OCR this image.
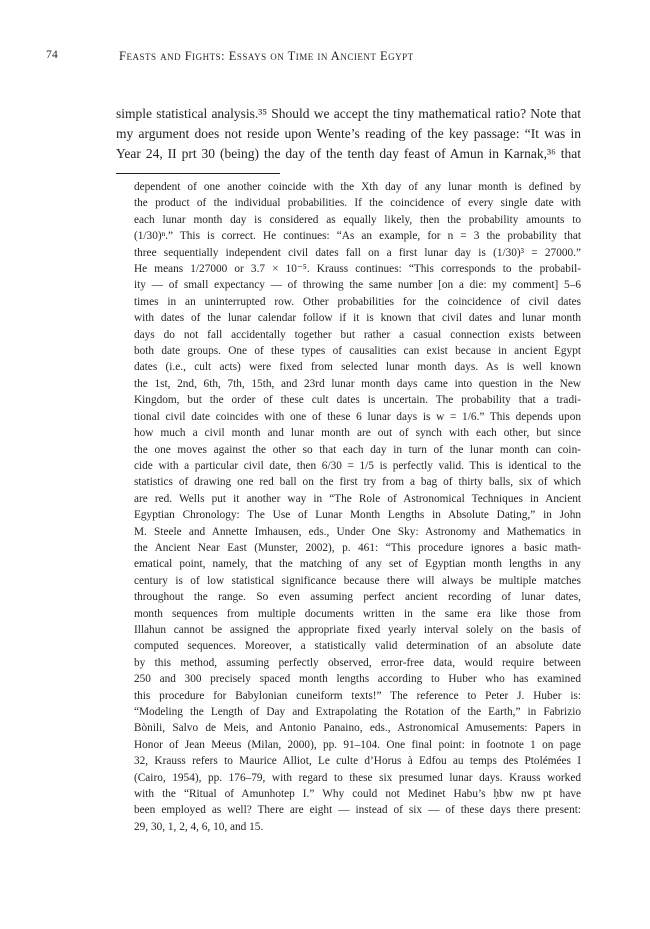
74	Feasts and Fights: Essays on Time in Ancient Egypt
simple statistical analysis.³⁵ Should we accept the tiny mathematical ratio? Note that
my argument does not reside upon Wente’s reading of the key passage: “It was in
Year 24, II prt 30 (being) the day of the tenth day feast of Amun in Karnak,³⁶ that
dependent of one another coincide with the Xth day of any lunar month is defined by
the product of the individual probabilities. If the coincidence of every single date with
each lunar month day is considered as equally likely, then the probability amounts to
(1/30)ⁿ.” This is correct. He continues: “As an example, for n = 3 the probability that
three sequentially independent civil dates fall on a first lunar day is (1/30)³ = 27000.”
He means 1/27000 or 3.7 × 10⁻⁵. Krauss continues: “This corresponds to the probabil-
ity — of small expectancy — of throwing the same number [on a die: my comment] 5–6
times in an uninterrupted row. Other probabilities for the coincidence of civil dates
with dates of the lunar calendar follow if it is known that civil dates and lunar month
days do not fall accidentally together but rather a casual connection exists between
both date groups. One of these types of causalities can exist because in ancient Egypt
dates (i.e., cult acts) were fixed from selected lunar month days. As is well known
the 1st, 2nd, 6th, 7th, 15th, and 23rd lunar month days came into question in the New
Kingdom, but the order of these cult dates is uncertain. The probability that a tradi-
tional civil date coincides with one of these 6 lunar days is w = 1/6.” This depends upon
how much a civil month and lunar month are out of synch with each other, but since
the one moves against the other so that each day in turn of the lunar month can coin-
cide with a particular civil date, then 6/30 = 1/5 is perfectly valid. This is identical to the
statistics of drawing one red ball on the first try from a bag of thirty balls, six of which
are red. Wells put it another way in “The Role of Astronomical Techniques in Ancient
Egyptian Chronology: The Use of Lunar Month Lengths in Absolute Dating,” in John
M. Steele and Annette Imhausen, eds., Under One Sky: Astronomy and Mathematics in
the Ancient Near East (Munster, 2002), p. 461: “This procedure ignores a basic math-
ematical point, namely, that the matching of any set of Egyptian month lengths in any
century is of low statistical significance because there will always be multiple matches
throughout the range. So even assuming perfect ancient recording of lunar dates,
month sequences from multiple documents written in the same era like those from
Illahun cannot be assigned the appropriate fixed yearly interval solely on the basis of
computed sequences. Moreover, a statistically valid determination of an absolute date
by this method, assuming perfectly observed, error-free data, would require between
250 and 300 precisely spaced month lengths according to Huber who has examined
this procedure for Babylonian cuneiform texts!” The reference to Peter J. Huber is:
“Modeling the Length of Day and Extrapolating the Rotation of the Earth,” in Fabrizio
Bònili, Salvo de Meis, and Antonio Panaino, eds., Astronomical Amusements: Papers in
Honor of Jean Meeus (Milan, 2000), pp. 91–104. One final point: in footnote 1 on page
32, Krauss refers to Maurice Alliot, Le culte d’Horus à Edfou au temps des Ptolémées I
(Cairo, 1954), pp. 176–79, with regard to these six presumed lunar days. Krauss worked
with the “Ritual of Amunhotep I.” Why could not Medinet Habu’s ḥbw nw pt have
been employed as well? There are eight — instead of six — of these days there present:
29, 30, 1, 2, 4, 6, 10, and 15.
